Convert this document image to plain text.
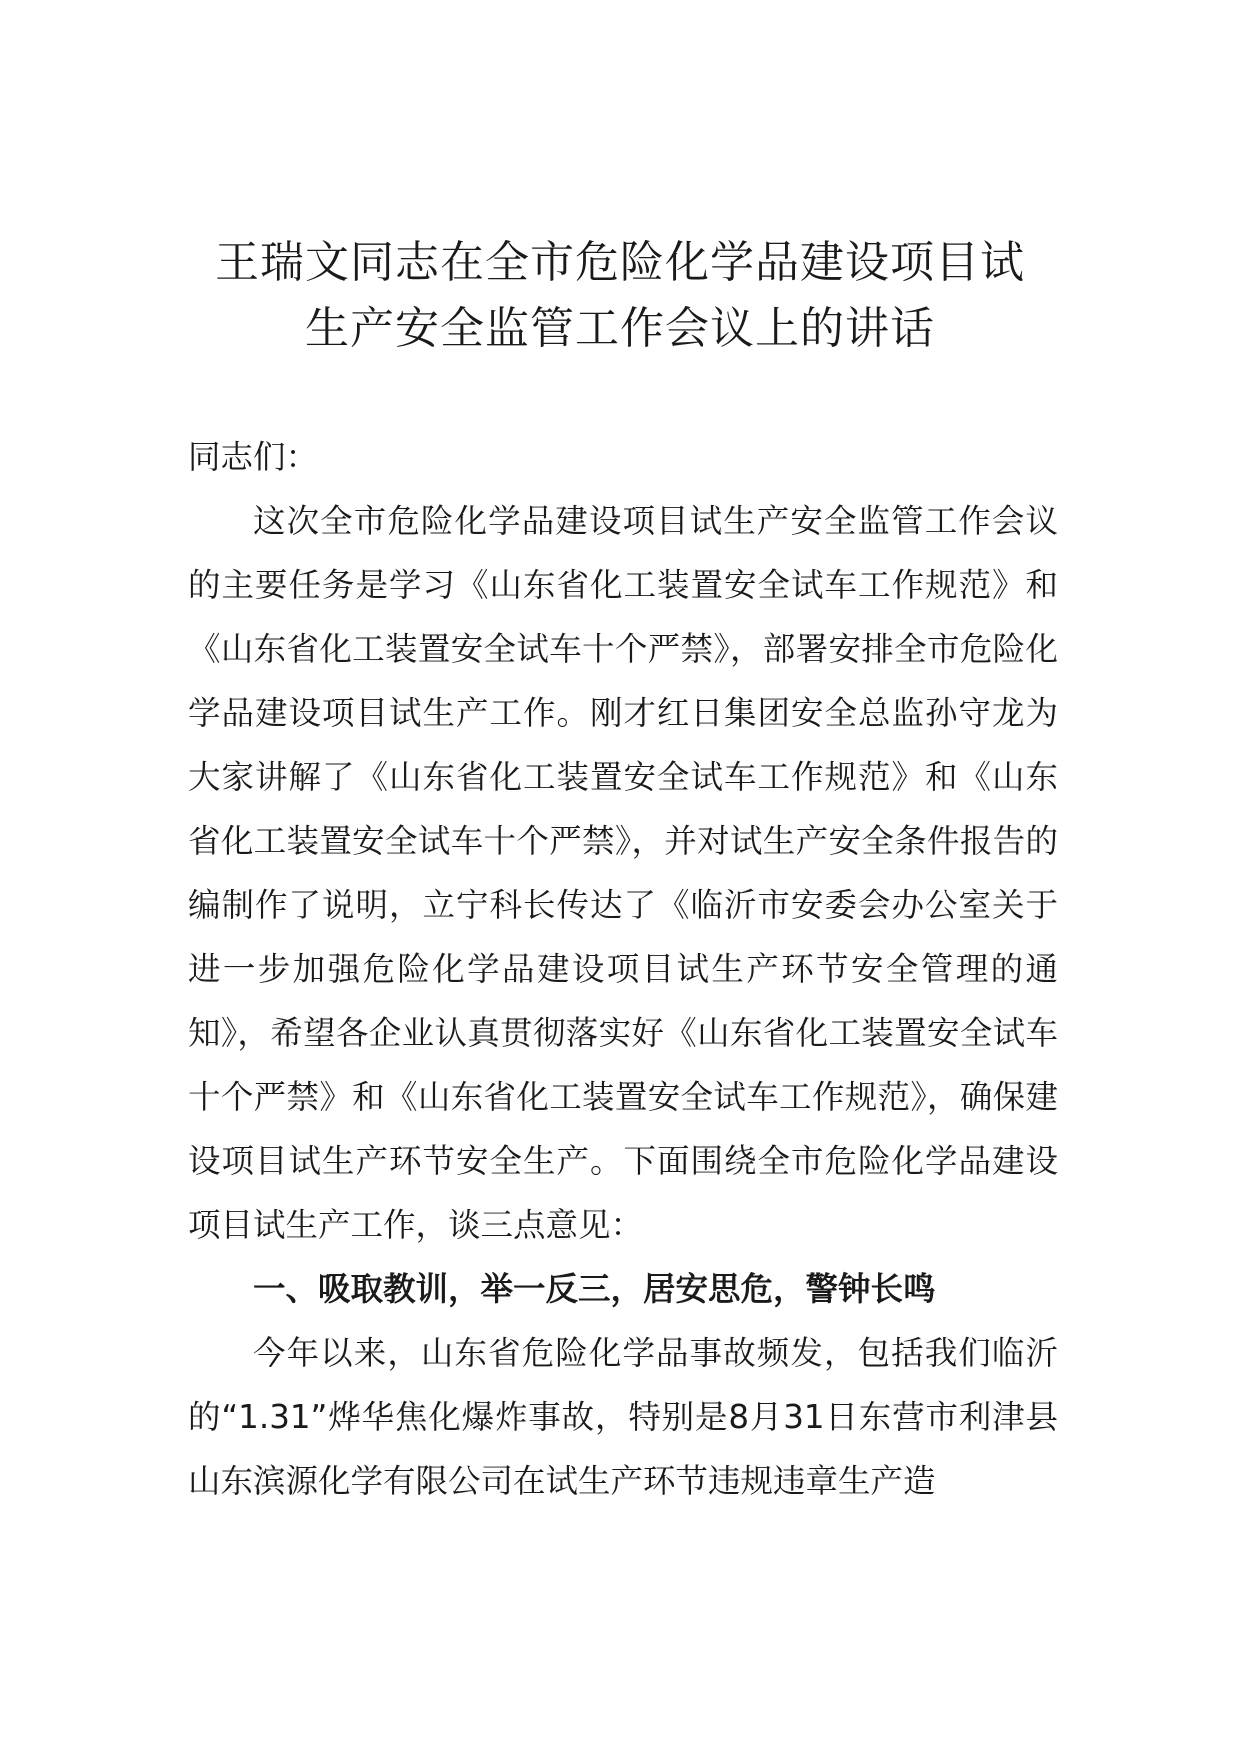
王瑞文同志在全市危险化学品建设项目试
生产安全监管工作会议上的讲话

同志们：

这次全市危险化学品建设项目试生产安全监管工作会议的主要任务是学习《山东省化工装置安全试车工作规范》和《山东省化工装置安全试车十个严禁》，部署安排全市危险化学品建设项目试生产工作。刚才红日集团安全总监孙守龙为大家讲解了《山东省化工装置安全试车工作规范》和《山东省化工装置安全试车十个严禁》，并对试生产安全条件报告的编制作了说明，立宁科长传达了《临沂市安委会办公室关于进一步加强危险化学品建设项目试生产环节安全管理的通知》，希望各企业认真贯彻落实好《山东省化工装置安全试车十个严禁》和《山东省化工装置安全试车工作规范》，确保建设项目试生产环节安全生产。下面围绕全市危险化学品建设项目试生产工作，谈三点意见：

一、吸取教训，举一反三，居安思危，警钟长鸣

今年以来，山东省危险化学品事故频发，包括我们临沂的“1.31”烨华焦化爆炸事故，特别是8月31日东营市利津县山东滨源化学有限公司在试生产环节违规违章生产造
